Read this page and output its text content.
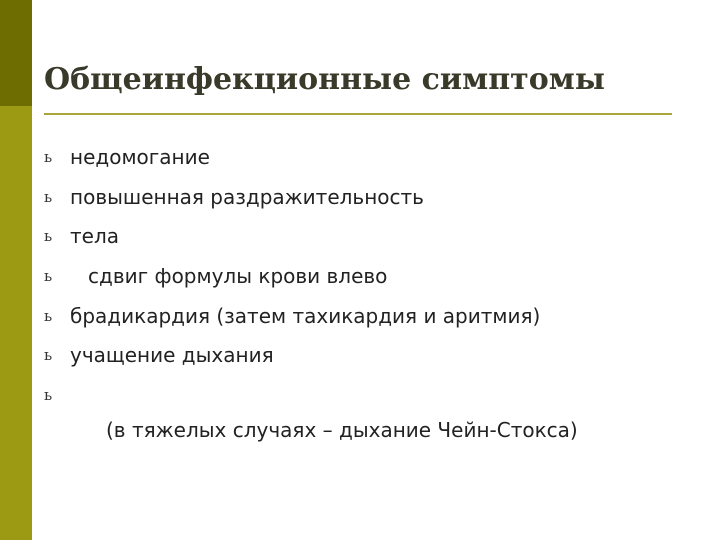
Общеинфекционные симптомы
ь недомогание
ь повышенная раздражительность
ь тела
ь	сдвиг формулы крови влево
ь брадикардия (затем тахикардия и аритмия)
ь учащение дыхания
ь

(в тяжелых случаях – дыхание Чейн-Стокса)
